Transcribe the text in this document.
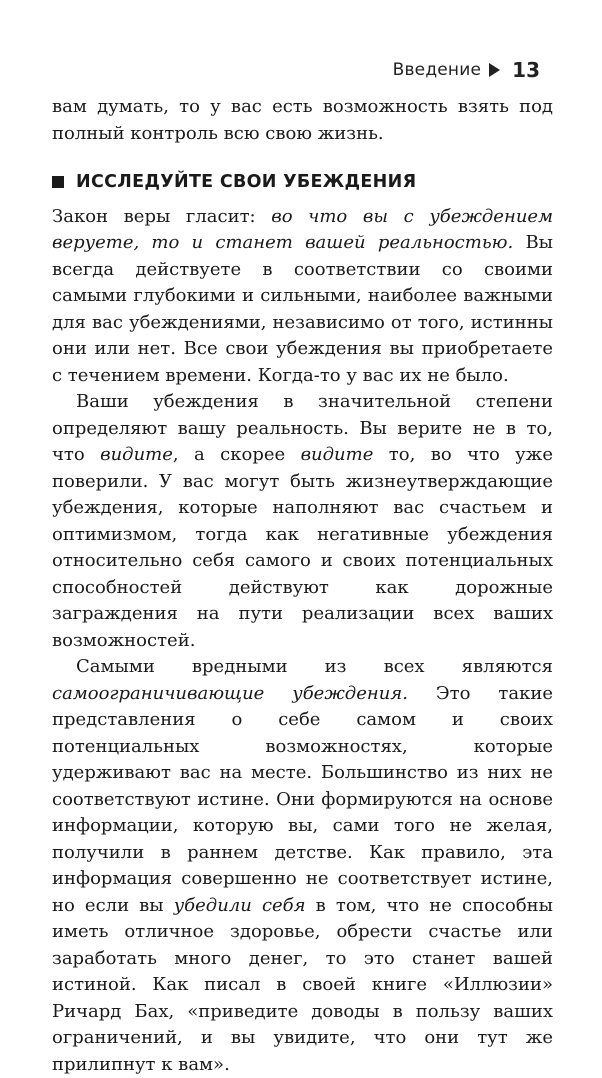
Введение 13

вам думать, то у вас есть возможность взять под полный контроль всю свою жизнь.

ИССЛЕДУЙТЕ СВОИ УБЕЖДЕНИЯ

Закон веры гласит: во что вы с убеждением веруете, то и станет вашей реальностью. Вы всегда действуете в соответствии со своими самыми глубокими и сильными, наиболее важными для вас убеждениями, независимо от того, истинны они или нет. Все свои убеждения вы приобретаете с течением времени. Когда-то у вас их не было.

Ваши убеждения в значительной степени определяют вашу реальность. Вы верите не в то, что видите, а скорее видите то, во что уже поверили. У вас могут быть жизнеутверждающие убеждения, которые наполняют вас счастьем и оптимизмом, тогда как негативные убеждения относительно себя самого и своих потенциальных способностей действуют как дорожные заграждения на пути реализации всех ваших возможностей.

Самыми вредными из всех являются самоограничивающие убеждения. Это такие представления о себе самом и своих потенциальных возможностях, которые удерживают вас на месте. Большинство из них не соответствуют истине. Они формируются на основе информации, которую вы, сами того не желая, получили в раннем детстве. Как правило, эта информация совершенно не соответствует истине, но если вы убедили себя в том, что не способны иметь отличное здоровье, обрести счастье или заработать много денег, то это станет вашей истиной. Как писал в своей книге «Иллюзии» Ричард Бах, «приведите доводы в пользу ваших ограничений, и вы увидите, что они тут же прилипнут к вам».
